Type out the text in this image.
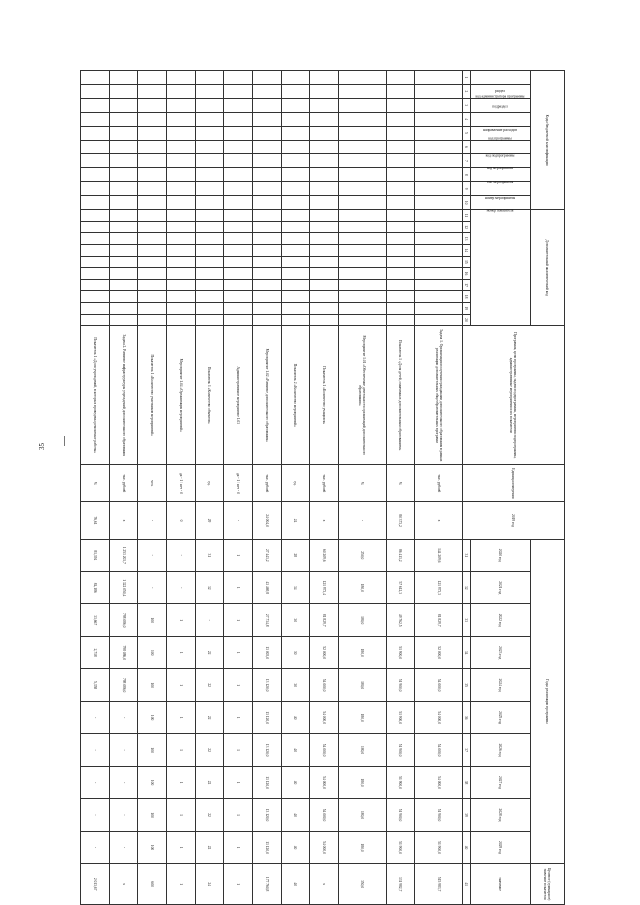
35
Коды бюджетной классификации										Дополнительный аналитический код										Программа, цели программы, задачи подпрограммы, мероприятия подпрограммы, административные мероприятия и их показатели	Единица измерения	2019 год	Годы реализации программы										Целевое (суммарное) значение показателя
код администратора программы	раздел	подраздел	направление расходов	код программы	код подпрограммы	код мероприятия	тип мероприятия	номер мероприятия	номер показателя														2020 год	2021 год	2022 год	2023 год	2024 год	2025 год	2026 год	2027 год	2028 год	2029 год	значение
1	2	3	4	5	6	7	8	9	10	11	12	13	14	15	16	17	18	19	20				31	32	33	34	35	36	37	38	39	40	41
																				Задача 1. Организация получения гражданами дополнительного образования в рамках реализации дополнительных общеобразовательных программ	тыс. рублей	х	144 209,6	121 973,3	81 829,7	52 000,0	54 000,0	54 000,0	54 000,0	54 000,0	51 900,0	51 900,0	515 983,7
																				Показатель 1 «Доля детей, охваченных дополнительным образованием»	%	80 373,2	86 413,2	57 612,3	49 762,5	51 900,0	51 900,0	51 900,0	51 900,0	51 900,0	51 900,0	51 900,0	331 982,7
																				Мероприятие 1.01 «Обеспечение деятельности организаций дополнительного образования»	%	-	250,0	180,0	180,0	180,0	180,0	180,0	180,0	180,0	180,0	180,0	350,0
																				Показатель 1 «Количество учащихся»	тыс. рублей	х	60 209,6	121 973,4	81 829,7	52 000,0	54 000,0	54 000,0	54 000,0	54 000,0	54 000,0	54 000,0	х
																				Показатель 2 «Количество мероприятий»	ед.	24	28	34	30	30	30	40	40	40	40	40	40
																				Мероприятие 1.02 «Развитие дополнительного образования»	тыс. рублей	24 004,0	27 443,2	43 469,8	27 734,8	13 003,0	13 120,0	13 120,0	13 120,0	13 120,0	13 120,0	13 120,0	177 760,8
																				Административное мероприятие 1.03	да - 1 / нет - 0	-	1	1	1	1	1	1	1	1	1	1	1
																				Показатель 1 «Количество объектов»	ед.	29	31	32	-	22	22	22	22	22	22	22	24
																				Мероприятие 1.04 «Организация мероприятий»	да - 1 / нет - 0	0	-	-	1	1	1	1	1	1	1	1	1
																				Показатель 1 «Количество участников мероприятий»	чел.	-	-	-	100	100	100	100	100	100	100	100	600
																				Задача 2. Развитие инфраструктуры учреждений дополнительного образования	тыс. рублей	х	1 253 203,7	1 322 050,4	798 086,0	798 086,0	798 086,0	-	-	-	-	-	х
																				Показатель 1 «Доля учреждений, в которых проведены ремонтные работы»	%	76,61	81,394	84,186	33,667	2,718	5,358	-	-	-	-	-	2 013,67
